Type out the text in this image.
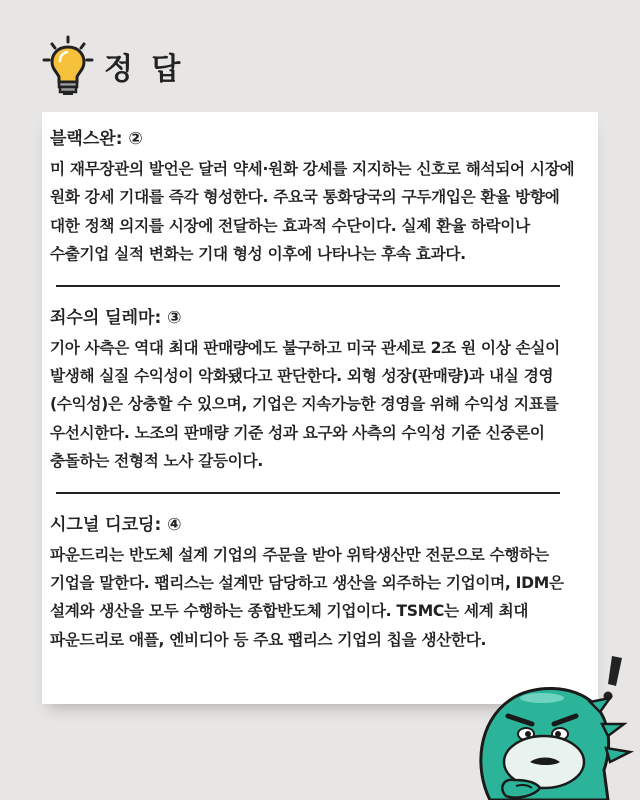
정 답
블랙스완: ②

미 재무장관의 발언은 달러 약세·원화 강세를 지지하는 신호로 해석되어 시장에 원화 강세 기대를 즉각 형성한다. 주요국 통화당국의 구두개입은 환율 방향에 대한 정책 의지를 시장에 전달하는 효과적 수단이다. 실제 환율 하락이나 수출기업 실적 변화는 기대 형성 이후에 나타나는 후속 효과다.

죄수의 딜레마: ③

기아 사측은 역대 최대 판매량에도 불구하고 미국 관세로 2조 원 이상 손실이 발생해 실질 수익성이 악화됐다고 판단한다. 외형 성장(판매량)과 내실 경영(수익성)은 상충할 수 있으며, 기업은 지속가능한 경영을 위해 수익성 지표를 우선시한다. 노조의 판매량 기준 성과 요구와 사측의 수익성 기준 신중론이 충돌하는 전형적 노사 갈등이다.

시그널 디코딩: ④

파운드리는 반도체 설계 기업의 주문을 받아 위탁생산만 전문으로 수행하는 기업을 말한다. 팹리스는 설계만 담당하고 생산을 외주하는 기업이며, IDM은 설계와 생산을 모두 수행하는 종합반도체 기업이다. TSMC는 세계 최대 파운드리로 애플, 엔비디아 등 주요 팹리스 기업의 칩을 생산한다.
